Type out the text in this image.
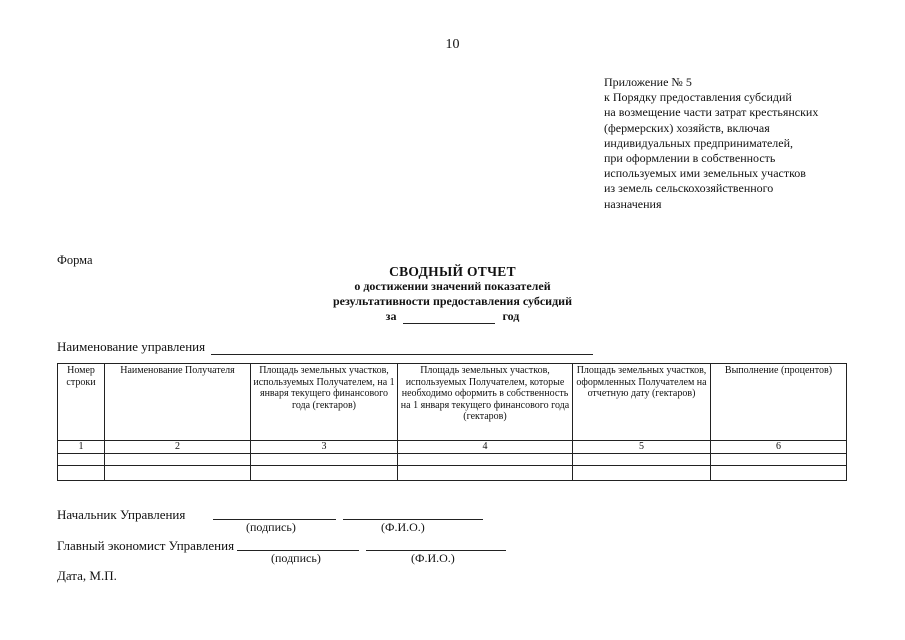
10
Приложение № 5
к Порядку предоставления субсидий
на возмещение части затрат крестьянских
(фермерских) хозяйств, включая
индивидуальных предпринимателей,
при оформлении в собственность
используемых ими земельных участков
из земель сельскохозяйственного
назначения
Форма
СВОДНЫЙ ОТЧЕТ
о достижении значений показателей
результативности предоставления субсидий
за	год
Наименование управления
Номер строки	Наименование Получателя	Площадь земельных участков, используемых Получателем, на 1 января текущего финансового года (гектаров)	Площадь земельных участков, используемых Получателем, которые необходимо оформить в собственность на 1 января текущего финансового года (гектаров)	Площадь земельных участков, оформленных Получателем на отчетную дату (гектаров)	Выполнение (процентов)
1	2	3	4	5	6

Начальник Управления
(подпись)	(Ф.И.О.)
Главный экономист Управления
(подпись)	(Ф.И.О.)
Дата, М.П.
